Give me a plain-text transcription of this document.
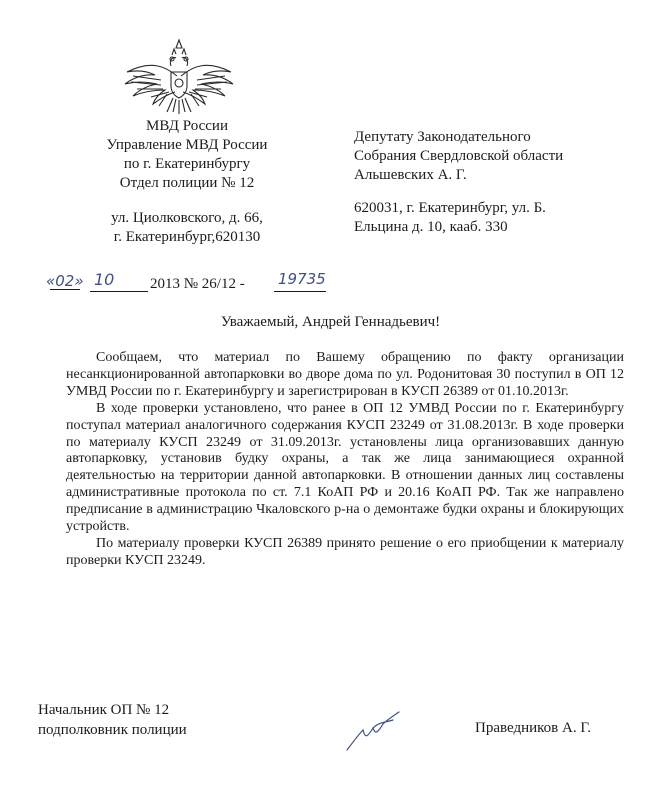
МВД России
Управление МВД России
по г. Екатеринбургу
Отдел полиции № 12
ул. Циолковского, д. 66,
г. Екатеринбург,620130
Депутату Законодательного
Собрания Свердловской области
Альшевских А. Г.
620031, г. Екатеринбург, ул. Б.
Ельцина д. 10, кааб. 330
«02» 10 2013 № 26/12 - 19735
Уважаемый, Андрей Геннадьевич!

Сообщаем, что материал по Вашему обращению по факту организации несанкционированной автопарковки во дворе дома по ул. Родонитовая 30 поступил в ОП 12 УМВД России по г. Екатеринбургу и зарегистрирован в КУСП 26389 от 01.10.2013г.

В ходе проверки установлено, что ранее в ОП 12 УМВД России по г. Екатеринбургу поступал материал аналогичного содержания КУСП 23249 от 31.08.2013г. В ходе проверки по материалу КУСП 23249 от 31.09.2013г. установлены лица организовавших данную автопарковку, установив будку охраны, а так же лица занимающиеся охранной деятельностью на территории данной автопарковки. В отношении данных лиц составлены административные протокола по ст. 7.1 КоАП РФ и 20.16 КоАП РФ. Так же направлено предписание в администрацию Чкаловского р-на о демонтаже будки охраны и блокирующих устройств.

По материалу проверки КУСП 26389 принято решение о его приобщении к материалу проверки КУСП 23249.

Начальник ОП № 12
подполковник полиции	Праведников А. Г.
